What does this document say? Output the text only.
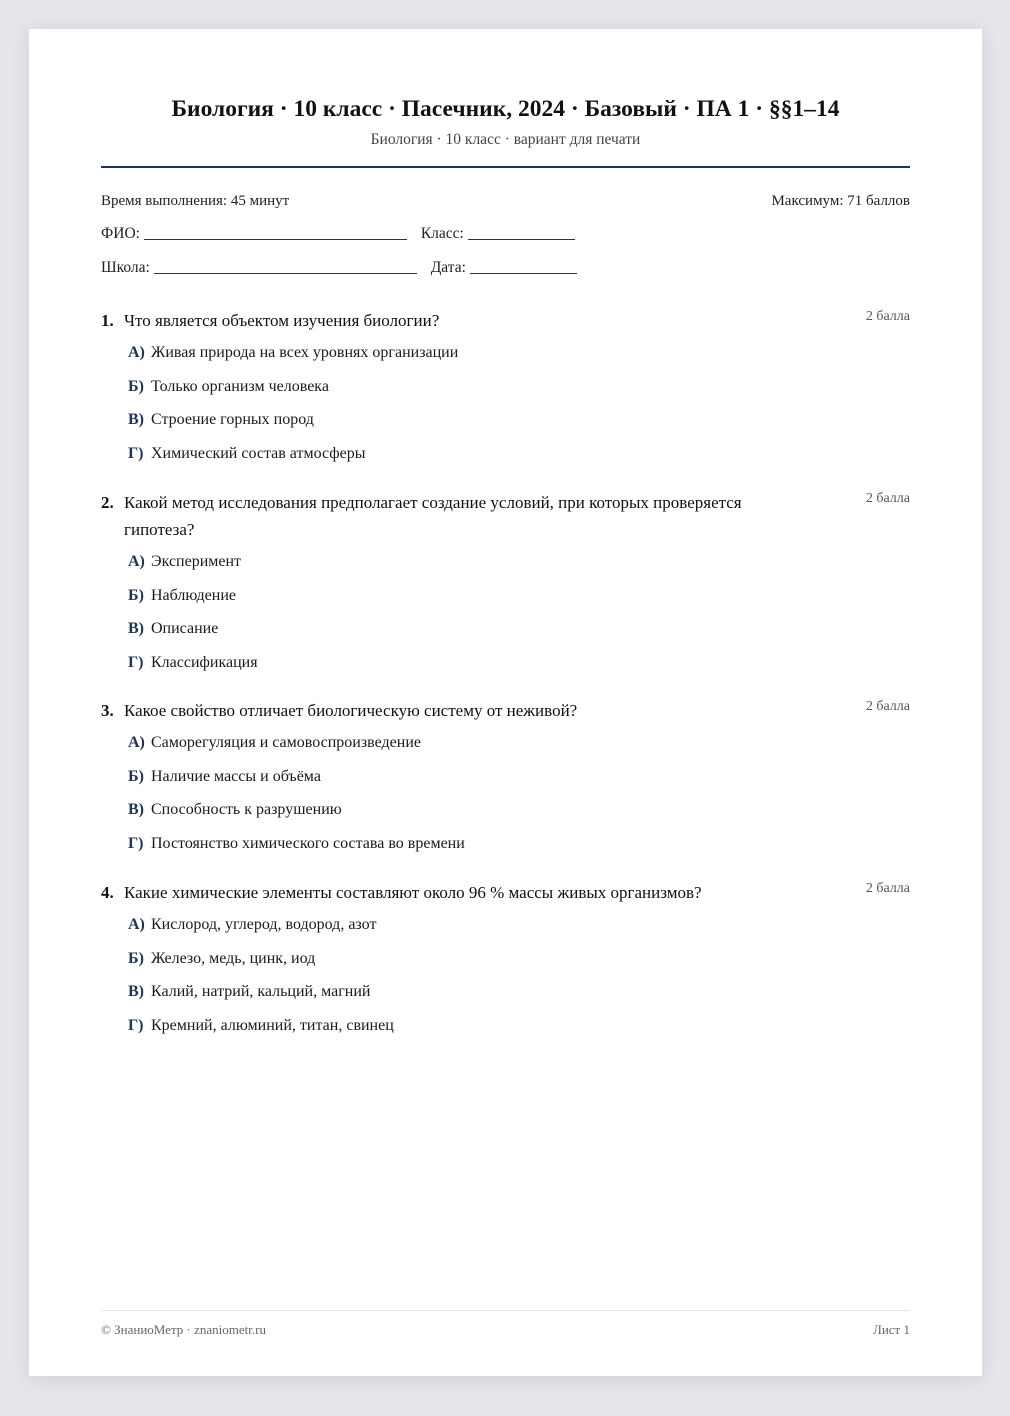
Биология · 10 класс · Пасечник, 2024 · Базовый · ПА 1 · §§1–14
Биология · 10 класс · вариант для печати
Время выполнения: 45 минут	Максимум: 71 баллов
ФИО:	Класс:
Школа:	Дата:
1. Что является объектом изучения биологии?	2 балла
А) Живая природа на всех уровнях организации
Б) Только организм человека
В) Строение горных пород
Г) Химический состав атмосферы
2. Какой метод исследования предполагает создание условий, при которых проверяется гипотеза?
2 балла
А) Эксперимент
Б) Наблюдение
В) Описание
Г) Классификация
3. Какое свойство отличает биологическую систему от неживой?	2 балла
А) Саморегуляция и самовоспроизведение
Б) Наличие массы и объёма
В) Способность к разрушению
Г) Постоянство химического состава во времени
4. Какие химические элементы составляют около 96 % массы живых организмов?	2 балла
А) Кислород, углерод, водород, азот
Б) Железо, медь, цинк, иод
В) Калий, натрий, кальций, магний
Г) Кремний, алюминий, титан, свинец
© ЗнаниоМетр · znaniometr.ru	Лист 1
